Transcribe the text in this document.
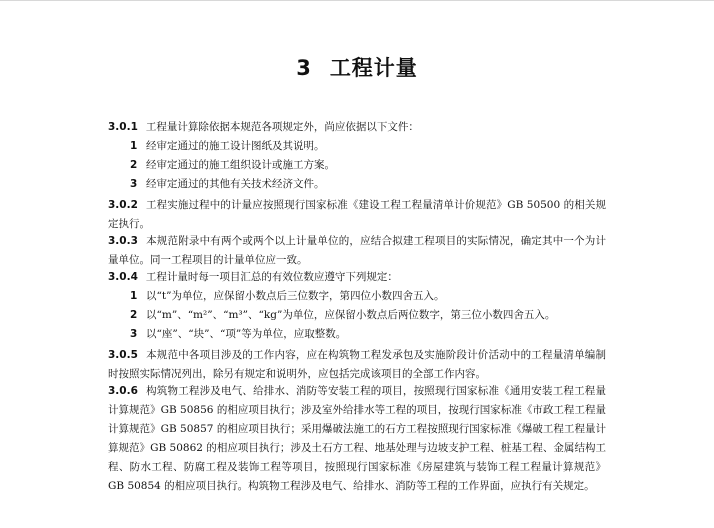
3 工程计量
3.0.1 工程量计算除依据本规范各项规定外，尚应依据以下文件：
1 经审定通过的施工设计图纸及其说明。
2 经审定通过的施工组织设计或施工方案。
3 经审定通过的其他有关技术经济文件。
3.0.2 工程实施过程中的计量应按照现行国家标准《建设工程工程量清单计价规范》GB 50500 的相关规定执行。
3.0.3 本规范附录中有两个或两个以上计量单位的，应结合拟建工程项目的实际情况，确定其中一个为计量单位。同一工程项目的计量单位应一致。
3.0.4 工程计量时每一项目汇总的有效位数应遵守下列规定：
1 以“t”为单位，应保留小数点后三位数字，第四位小数四舍五入。
2 以“m”、“m²”、“m³”、“kg”为单位，应保留小数点后两位数字，第三位小数四舍五入。
3 以“座”、“块”、“项”等为单位，应取整数。
3.0.5 本规范中各项目涉及的工作内容，应在构筑物工程发承包及实施阶段计价活动中的工程量清单编制时按照实际情况列出，除另有规定和说明外，应包括完成该项目的全部工作内容。
3.0.6 构筑物工程涉及电气、给排水、消防等安装工程的项目，按照现行国家标准《通用安装工程工程量计算规范》GB 50856 的相应项目执行；涉及室外给排水等工程的项目，按现行国家标准《市政工程工程量计算规范》GB 50857 的相应项目执行；采用爆破法施工的石方工程按照现行国家标准《爆破工程工程量计算规范》GB 50862 的相应项目执行；涉及土石方工程、地基处理与边坡支护工程、桩基工程、金属结构工程、防水工程、防腐工程及装饰工程等项目，按照现行国家标准《房屋建筑与装饰工程工程量计算规范》GB 50854 的相应项目执行。构筑物工程涉及电气、给排水、消防等工程的工作界面，应执行有关规定。
